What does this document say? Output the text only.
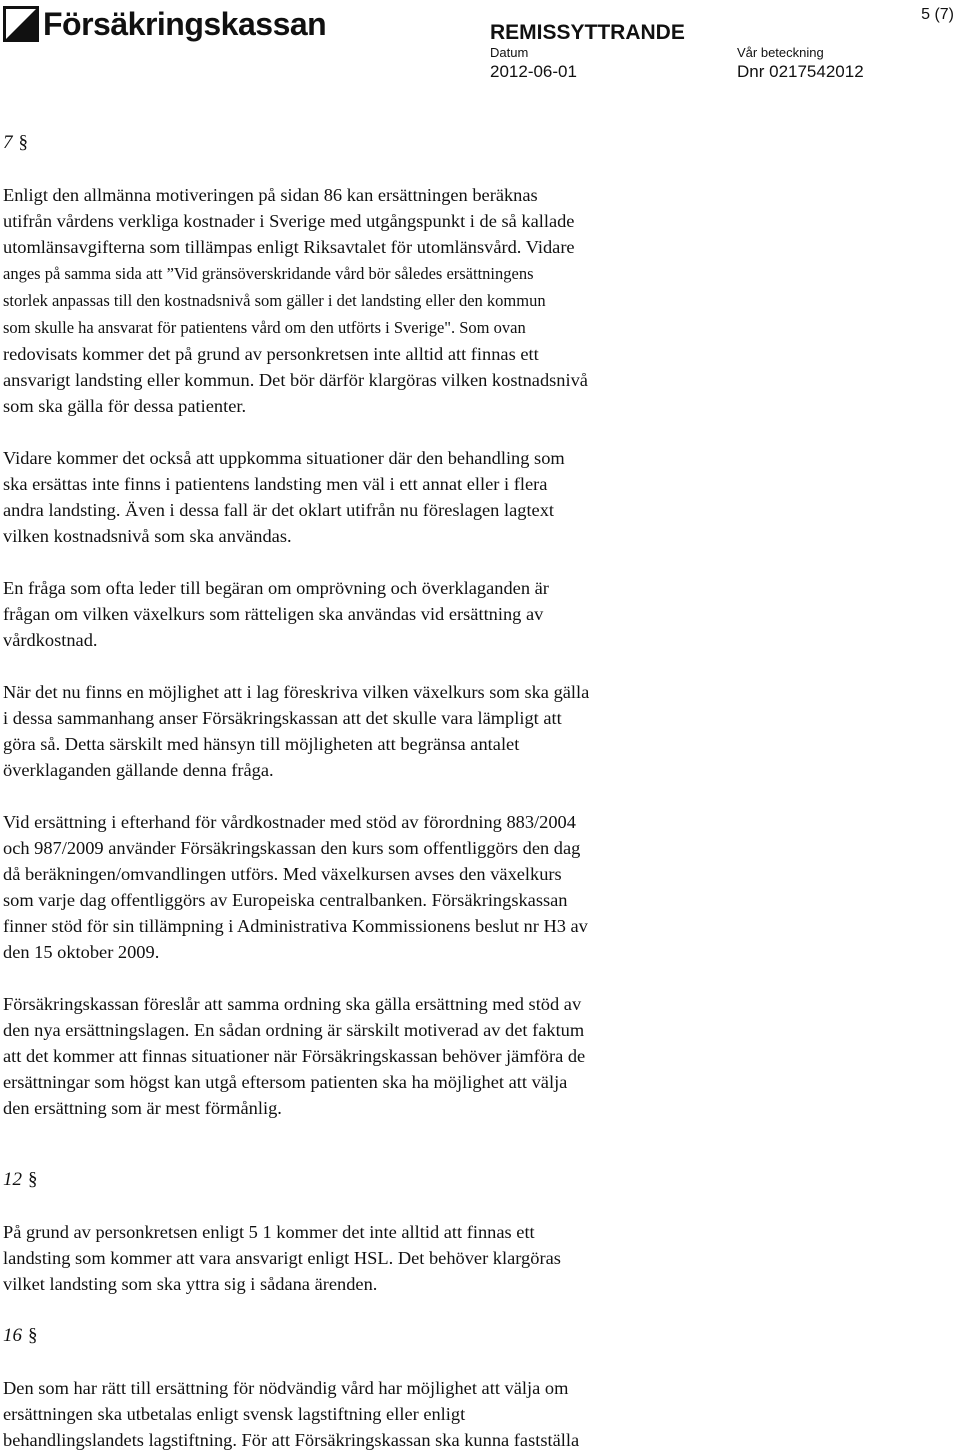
Försäkringskassan	REMISSYTTRANDE
Datum
2012-06-01
Vår beteckning
Dnr 0217542012
5 (7)
7 §

Enligt den allmänna motiveringen på sidan 86 kan ersättningen beräknas
utifrån vårdens verkliga kostnader i Sverige med utgångspunkt i de så kallade
utomlänsavgifterna som tillämpas enligt Riksavtalet för utomlänsvård. Vidare
anges på samma sida att ”Vid gränsöverskridande vård bör således ersättningens
storlek anpassas till den kostnadsnivå som gäller i det landsting eller den kommun
som skulle ha ansvarat för patientens vård om den utförts i Sverige". Som ovan
redovisats kommer det på grund av personkretsen inte alltid att finnas ett
ansvarigt landsting eller kommun. Det bör därför klargöras vilken kostnadsnivå
som ska gälla för dessa patienter.

Vidare kommer det också att uppkomma situationer där den behandling som
ska ersättas inte finns i patientens landsting men väl i ett annat eller i flera
andra landsting. Även i dessa fall är det oklart utifrån nu föreslagen lagtext
vilken kostnadsnivå som ska användas.

En fråga som ofta leder till begäran om omprövning och överklaganden är
frågan om vilken växelkurs som rätteligen ska användas vid ersättning av
vårdkostnad.

När det nu finns en möjlighet att i lag föreskriva vilken växelkurs som ska gälla
i dessa sammanhang anser Försäkringskassan att det skulle vara lämpligt att
göra så. Detta särskilt med hänsyn till möjligheten att begränsa antalet
överklaganden gällande denna fråga.

Vid ersättning i efterhand för vårdkostnader med stöd av förordning 883/2004
och 987/2009 använder Försäkringskassan den kurs som offentliggörs den dag
då beräkningen/omvandlingen utförs. Med växelkursen avses den växelkurs
som varje dag offentliggörs av Europeiska centralbanken. Försäkringskassan
finner stöd för sin tillämpning i Administrativa Kommissionens beslut nr H3 av
den 15 oktober 2009.

Försäkringskassan föreslår att samma ordning ska gälla ersättning med stöd av
den nya ersättningslagen. En sådan ordning är särskilt motiverad av det faktum
att det kommer att finnas situationer när Försäkringskassan behöver jämföra de
ersättningar som högst kan utgå eftersom patienten ska ha möjlighet att välja
den ersättning som är mest förmånlig.

12 §

På grund av personkretsen enligt 5 1 kommer det inte alltid att finnas ett
landsting som kommer att vara ansvarigt enligt HSL. Det behöver klargöras
vilket landsting som ska yttra sig i sådana ärenden.

16 §

Den som har rätt till ersättning för nödvändig vård har möjlighet att välja om
ersättningen ska utbetalas enligt svensk lagstiftning eller enligt
behandlingslandets lagstiftning. För att Försäkringskassan ska kunna fastställa
